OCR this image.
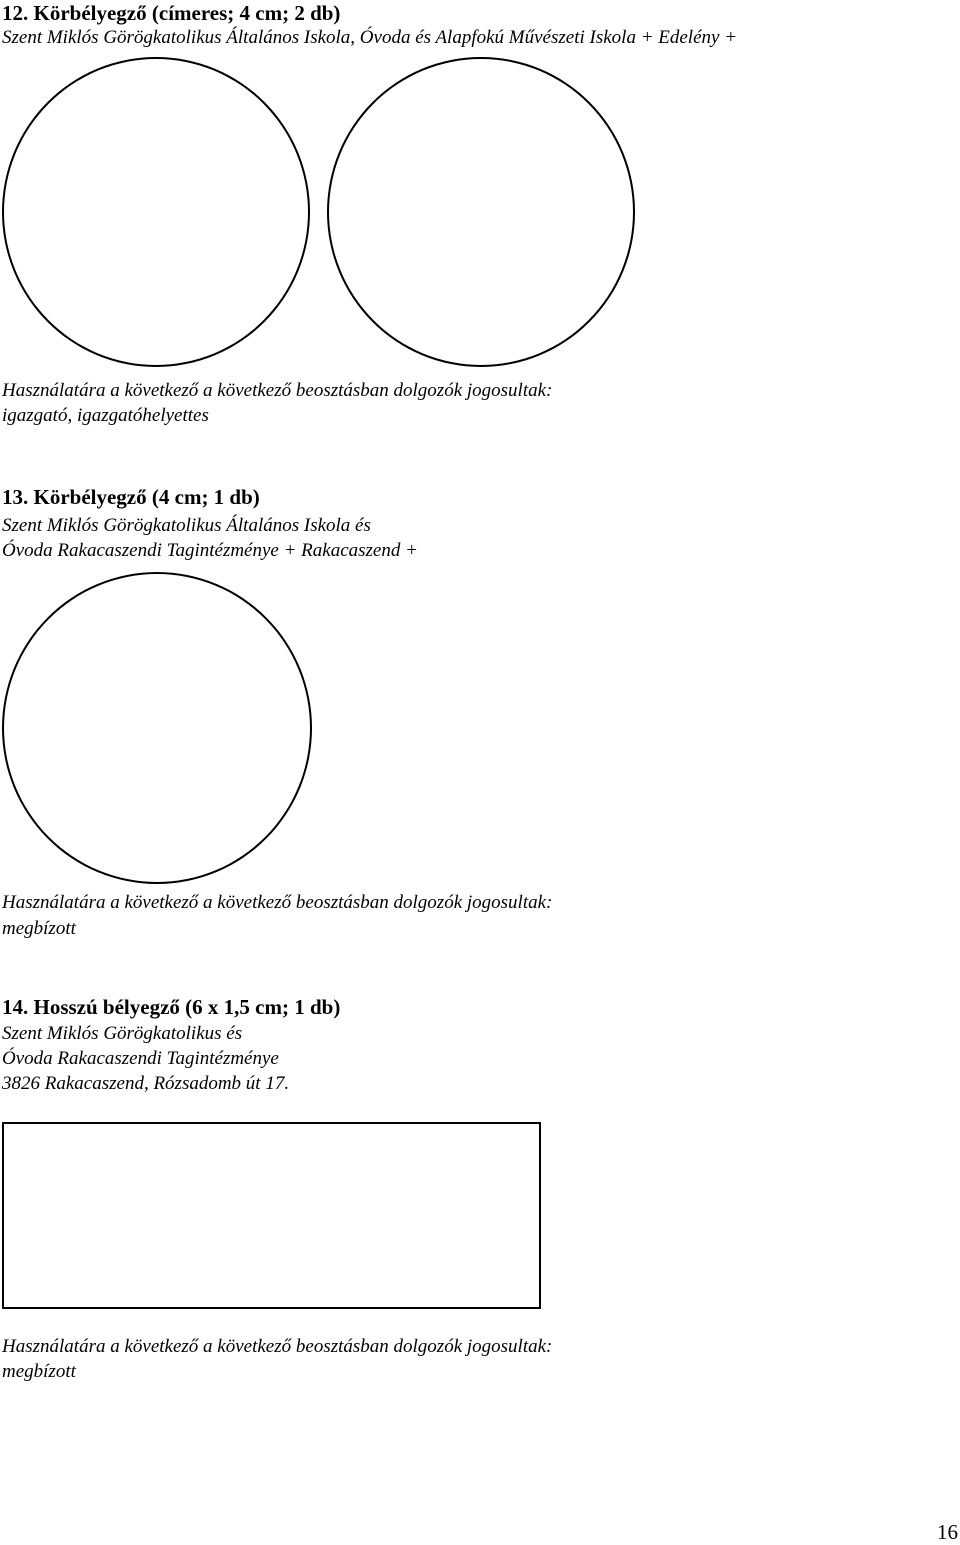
12. Körbélyegző (címeres; 4 cm; 2 db)
Szent Miklós Görögkatolikus Általános Iskola, Óvoda és Alapfokú Művészeti Iskola + Edelény +
Használatára a következő a következő beosztásban dolgozók jogosultak:
igazgató, igazgatóhelyettes
13. Körbélyegző (4 cm; 1 db)
Szent Miklós Görögkatolikus Általános Iskola és
Óvoda Rakacaszendi Tagintézménye + Rakacaszend +
Használatára a következő a következő beosztásban dolgozók jogosultak:
megbízott
14. Hosszú bélyegző (6 x 1,5 cm; 1 db)
Szent Miklós Görögkatolikus és
Óvoda Rakacaszendi Tagintézménye
3826 Rakacaszend, Rózsadomb út 17.
Használatára a következő a következő beosztásban dolgozók jogosultak:
megbízott
16
